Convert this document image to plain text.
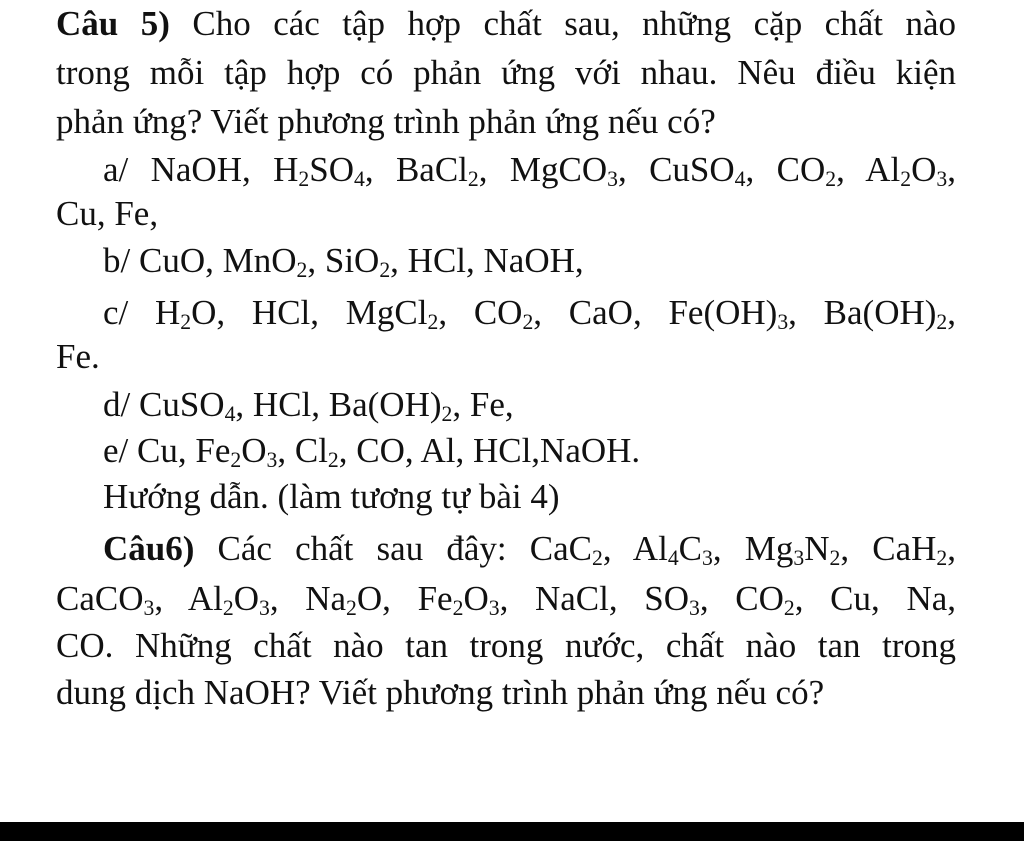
Câu 5) Cho các tập hợp chất sau, những cặp chất nào
trong mỗi tập hợp có phản ứng với nhau. Nêu điều kiện
phản ứng? Viết phương trình phản ứng nếu có?
a/ NaOH, $H_2SO_4$, BaCl$_2$, MgCO$_3$, CuSO$_4$, $CO_2$, $Al_2O_3$,
Cu, Fe,
b/ CuO, MnO$_2$, SiO$_2$, HCl, NaOH,
c/ $H_2O$, HCl, MgCl$_2$, $CO_2$, CaO, $Fe(OH)_3$, $Ba(OH)_2$,
Fe.
d/ CuSO$_4$, HCl, $Ba(OH)_2$, Fe,
e/ Cu, $Fe_2O_3$, $Cl_2$, CO, Al, HCl,NaOH.
Hướng dẫn. (làm tương tự bài 4)
Câu6) Các chất sau đây: CaC$_2$, $Al_4C_3$, $Mg_3N_2$, CaH$_2$,
CaCO$_3$, $Al_2O_3$, $Na_2O$, $Fe_2O_3$, NaCl, $SO_3$, $CO_2$, Cu, Na,
CO. Những chất nào tan trong nước, chất nào tan trong
dung dịch NaOH? Viết phương trình phản ứng nếu có?
